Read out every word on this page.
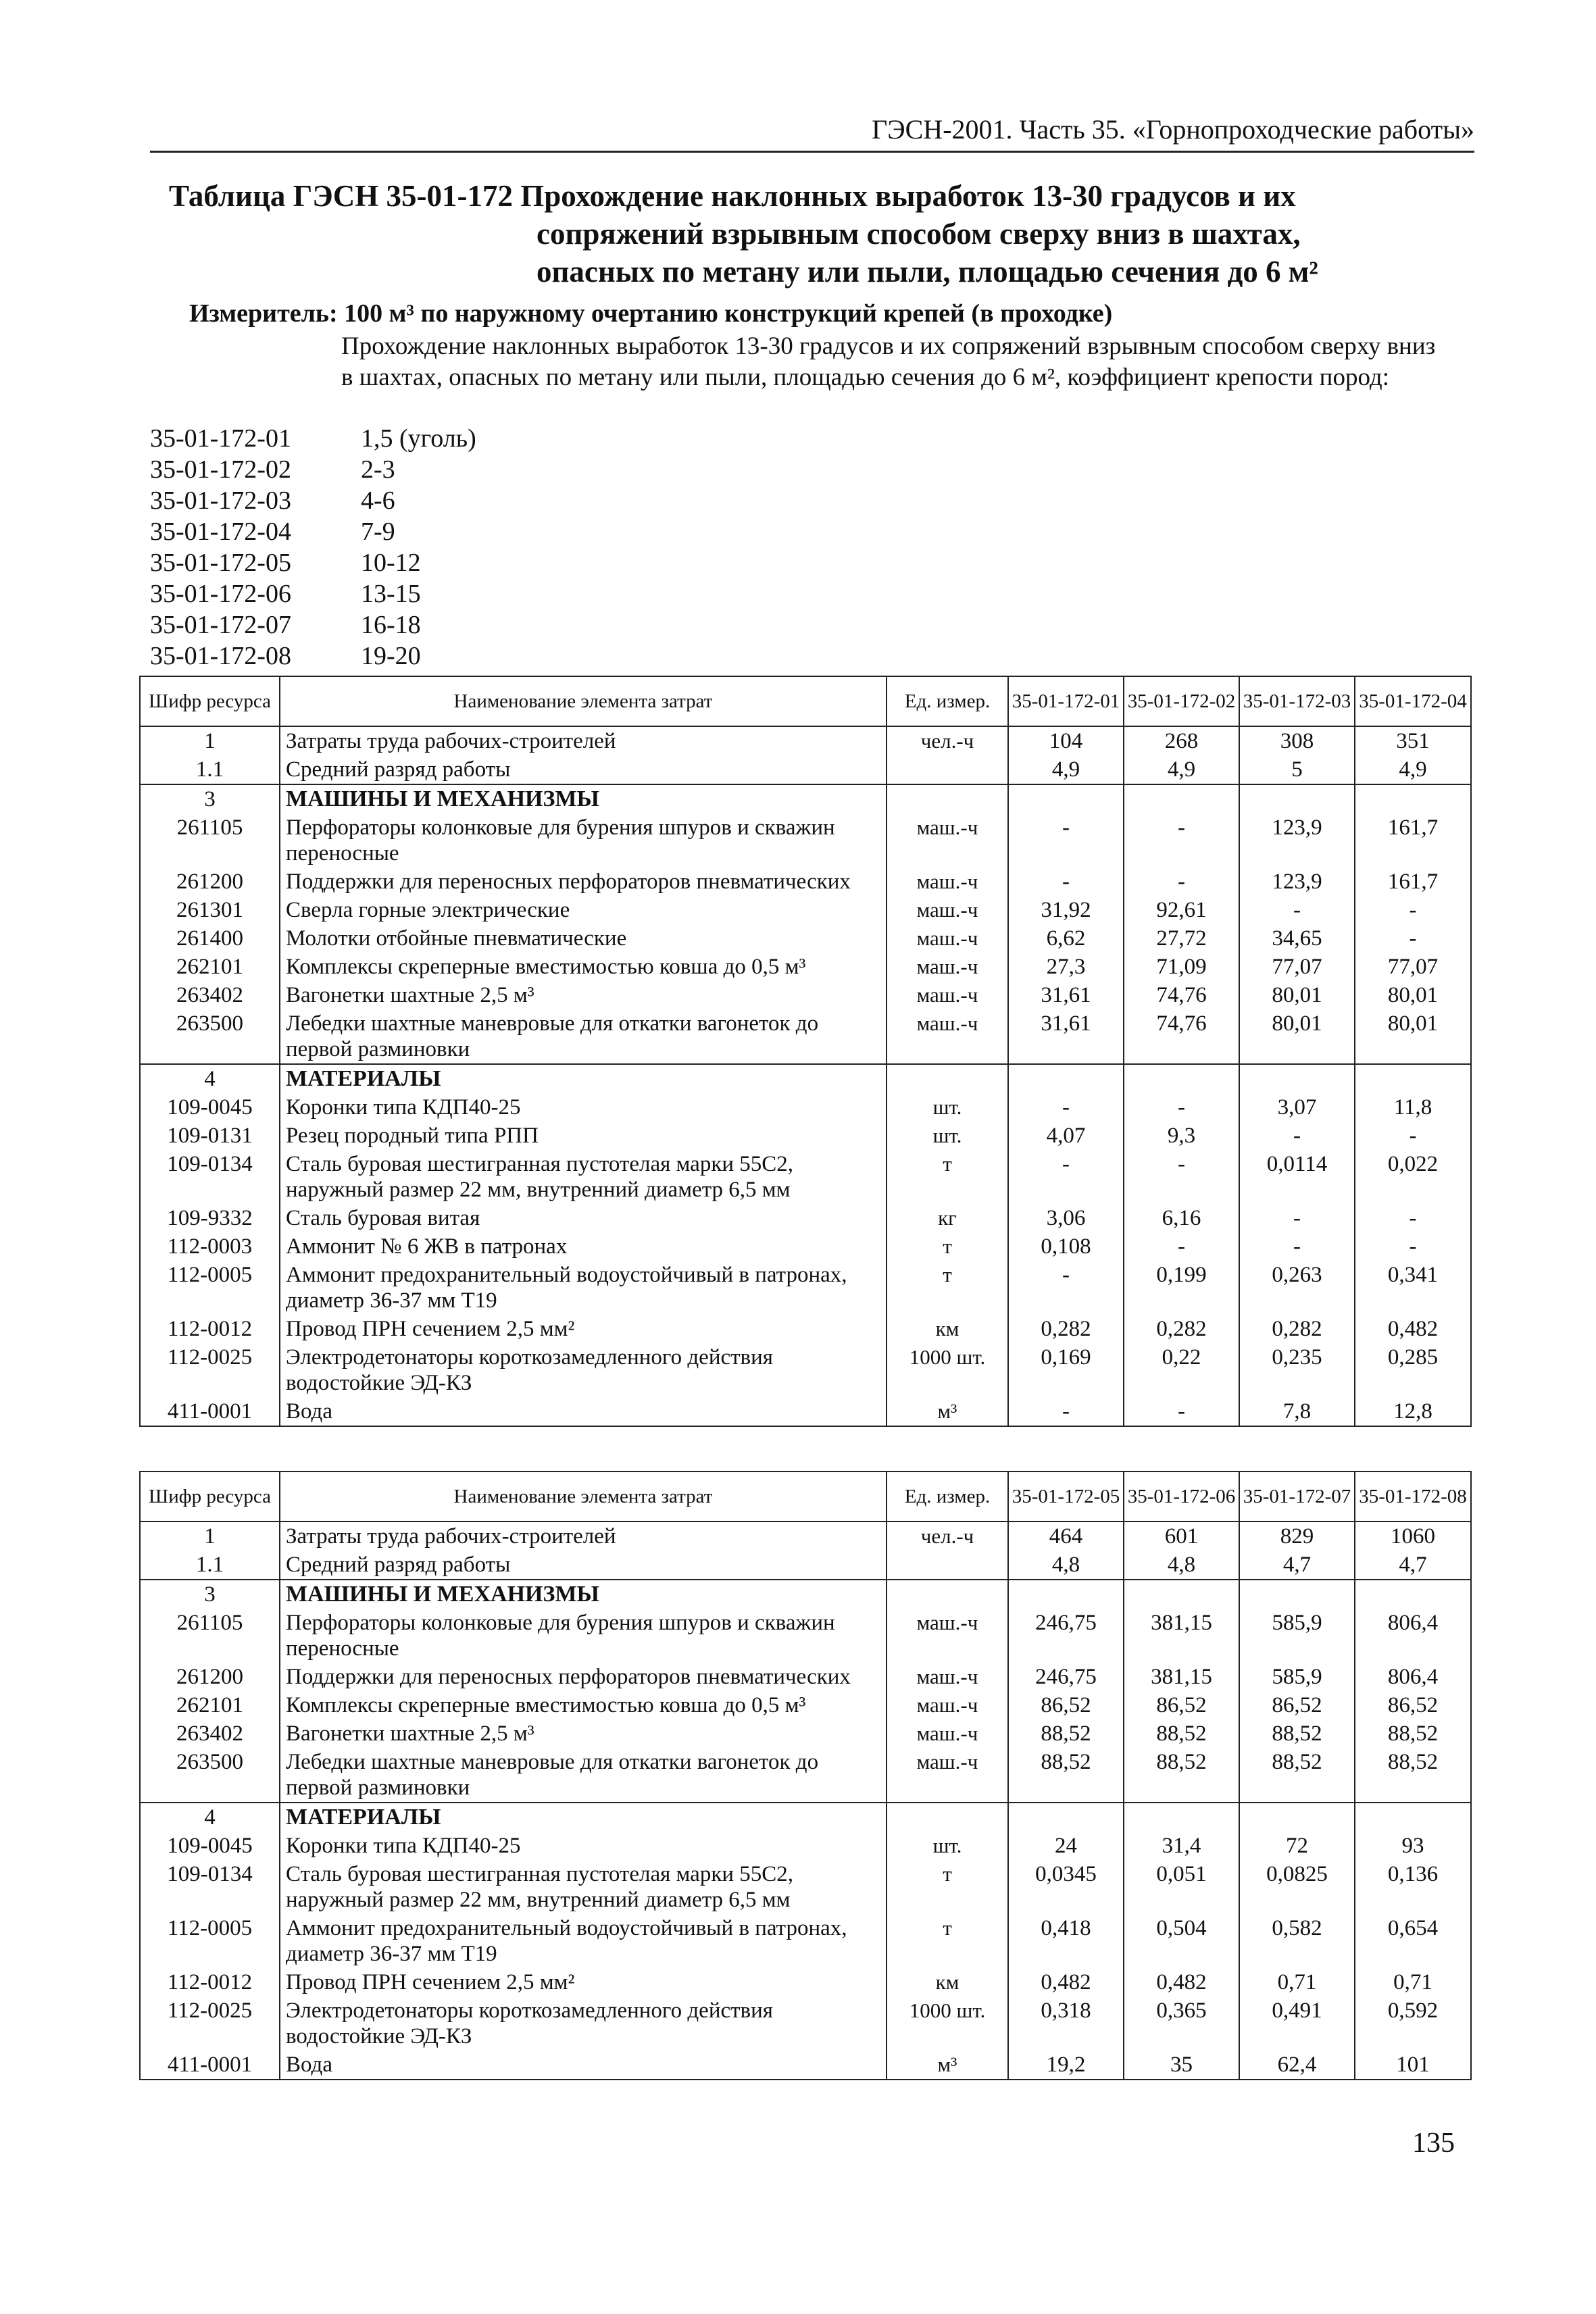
ГЭСН-2001. Часть 35. «Горнопроходческие работы»
Таблица ГЭСН 35-01-172 Прохождение наклонных выработок 13-30 градусов и их
сопряжений взрывным способом сверху вниз в шахтах,
опасных по метану или пыли, площадью сечения до 6 м²
Измеритель: 100 м³ по наружному очертанию конструкций крепей (в проходке)
Прохождение наклонных выработок 13-30 градусов и их сопряжений взрывным способом сверху вниз в шахтах, опасных по метану или пыли, площадью сечения до 6 м², коэффициент крепости пород:
35-01-172-01	1,5 (уголь)
35-01-172-02	2-3
35-01-172-03	4-6
35-01-172-04	7-9
35-01-172-05	10-12
35-01-172-06	13-15
35-01-172-07	16-18
35-01-172-08	19-20
Шифр ресурса	Наименование элемента затрат	Ед. измер.	35-01-172-01	35-01-172-02	35-01-172-03	35-01-172-04
1	Затраты труда рабочих-строителей	чел.-ч	104	268	308	351
1.1	Средний разряд работы		4,9	4,9	5	4,9
3	МАШИНЫ И МЕХАНИЗМЫ					
261105	Перфораторы колонковые для бурения шпуров и скважин переносные	маш.-ч	-	-	123,9	161,7
261200	Поддержки для переносных перфораторов пневматических	маш.-ч	-	-	123,9	161,7
261301	Сверла горные электрические	маш.-ч	31,92	92,61	-	-
261400	Молотки отбойные пневматические	маш.-ч	6,62	27,72	34,65	-
262101	Комплексы скреперные вместимостью ковша до 0,5 м³	маш.-ч	27,3	71,09	77,07	77,07
263402	Вагонетки шахтные 2,5 м³	маш.-ч	31,61	74,76	80,01	80,01
263500	Лебедки шахтные маневровые для откатки вагонеток до первой разминовки	маш.-ч	31,61	74,76	80,01	80,01
4	МАТЕРИАЛЫ					
109-0045	Коронки типа КДП40-25	шт.	-	-	3,07	11,8
109-0131	Резец породный типа РПП	шт.	4,07	9,3	-	-
109-0134	Сталь буровая шестигранная пустотелая марки 55С2, наружный размер 22 мм, внутренний диаметр 6,5 мм	т	-	-	0,0114	0,022
109-9332	Сталь буровая витая	кг	3,06	6,16	-	-
112-0003	Аммонит № 6 ЖВ в патронах	т	0,108	-	-	-
112-0005	Аммонит предохранительный водоустойчивый в патронах, диаметр 36-37 мм Т19	т	-	0,199	0,263	0,341
112-0012	Провод ПРН сечением 2,5 мм²	км	0,282	0,282	0,282	0,482
112-0025	Электродетонаторы короткозамедленного действия водостойкие ЭД-КЗ	1000 шт.	0,169	0,22	0,235	0,285
411-0001	Вода	м³	-	-	7,8	12,8
Шифр ресурса	Наименование элемента затрат	Ед. измер.	35-01-172-05	35-01-172-06	35-01-172-07	35-01-172-08
1	Затраты труда рабочих-строителей	чел.-ч	464	601	829	1060
1.1	Средний разряд работы		4,8	4,8	4,7	4,7
3	МАШИНЫ И МЕХАНИЗМЫ					
261105	Перфораторы колонковые для бурения шпуров и скважин переносные	маш.-ч	246,75	381,15	585,9	806,4
261200	Поддержки для переносных перфораторов пневматических	маш.-ч	246,75	381,15	585,9	806,4
262101	Комплексы скреперные вместимостью ковша до 0,5 м³	маш.-ч	86,52	86,52	86,52	86,52
263402	Вагонетки шахтные 2,5 м³	маш.-ч	88,52	88,52	88,52	88,52
263500	Лебедки шахтные маневровые для откатки вагонеток до первой разминовки	маш.-ч	88,52	88,52	88,52	88,52
4	МАТЕРИАЛЫ					
109-0045	Коронки типа КДП40-25	шт.	24	31,4	72	93
109-0134	Сталь буровая шестигранная пустотелая марки 55С2, наружный размер 22 мм, внутренний диаметр 6,5 мм	т	0,0345	0,051	0,0825	0,136
112-0005	Аммонит предохранительный водоустойчивый в патронах, диаметр 36-37 мм Т19	т	0,418	0,504	0,582	0,654
112-0012	Провод ПРН сечением 2,5 мм²	км	0,482	0,482	0,71	0,71
112-0025	Электродетонаторы короткозамедленного действия водостойкие ЭД-КЗ	1000 шт.	0,318	0,365	0,491	0,592
411-0001	Вода	м³	19,2	35	62,4	101
135
